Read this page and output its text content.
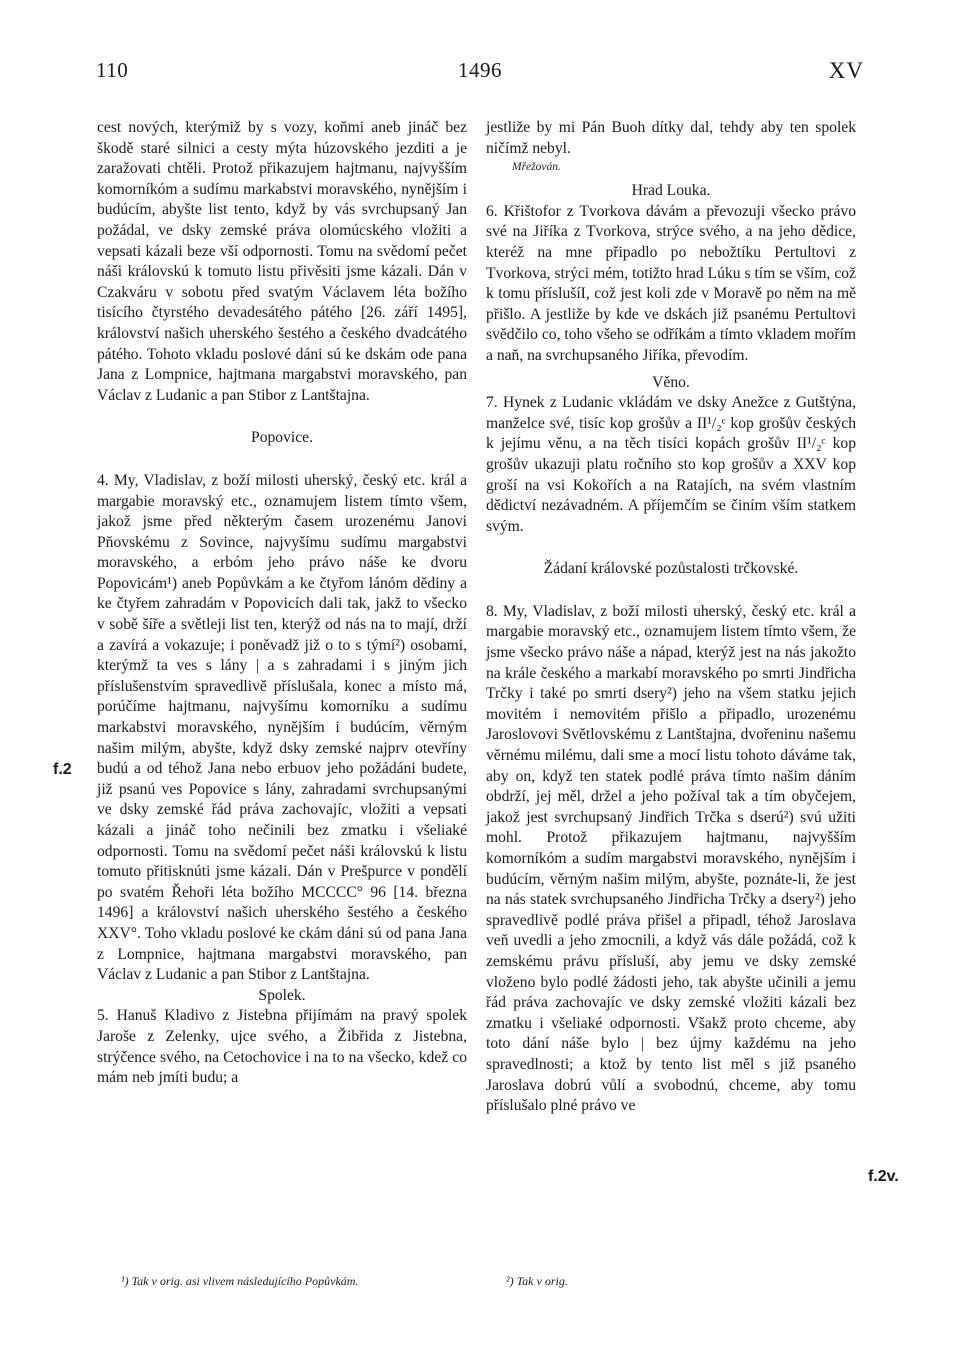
110	1496	XV

cest nových, kterýmiž by s vozy, koňmi aneb jináč bez škodě staré silnici a cesty mýta húzovského jezditi a je zaražovati chtěli. Protož přikazujem hajtmanu, najvyšším komorníkóm a sudímu markabstvi moravského, nynějším i budúcím, abyšte list tento, když by vás svrchupsaný Jan požádal, ve dsky zemské práva olomúcského vložiti a vepsati kázali beze vší odpornosti. Tomu na svědomí pečet náši královskú k tomuto listu přivěsiti jsme kázali. Dán v Czakváru v sobotu před svatým Václavem léta božího tisícího čtyrstého devadesátého pátého [26. září 1495], království našich uherského šestého a českého dvadcátého pátého. Tohoto vkladu poslové dáni sú ke dskám ode pana Jana z Lompnice, hajtmana margabstvi moravského, pan Václav z Ludanic a pan Stibor z Lantštajna.

Popovice.

4. My, Vladislav, z boží milosti uherský, český etc. král a margabie moravský etc., oznamujem listem tímto všem, jakož jsme před některým časem urozenému Janovi Pňovskému z Sovince, najvyšímu sudímu margabstvi moravského, a erbóm jeho právo náše ke dvoru Popovicám¹) aneb Popůvkám a ke čtyřom lánóm dědiny a ke čtyřem zahradám v Popovicích dali tak, jakž to všecko v sobě šíře a světleji list ten, kterýž od nás na to mají, drží a zavírá a vokazuje; i poněvadž již o to s týmí²) osobami, kterýmž ta ves s lány | a s zahradami i s jiným jich příslušenstvím spravedlivě příslušala, konec a místo má, porúčíme hajtmanu, najvyšímu komorníku a sudímu markabstvi moravského, nynějším i budúcím, věrným našim milým, abyšte, když dsky zemské najprv otevříny budú a od téhož Jana nebo erbuov jeho požádáni budete, již psanú ves Popovice s lány, zahradami svrchupsanými ve dsky zemské řád práva zachovajíc, vložiti a vepsati kázali a jináč toho nečinili bez zmatku i všeliaké odpornosti. Tomu na svědomí pečet náši královskú k listu tomuto přitisknúti jsme kázali. Dán v Prešpurce v pondělí po svatém Řehoři léta božího MCCCC° 96 [14. března 1496] a království našich uherského šestého a českého XXV°. Toho vkladu poslové ke ckám dáni sú od pana Jana z Lompnice, hajtmana margabstvi moravského, pan Václav z Ludanic a pan Stibor z Lantštajna.

Spolek.

5. Hanuš Kladivo z Jistebna přijímám na pravý spolek Jaroše z Zelenky, ujce svého, a Žibřida z Jistebna, strýčence svého, na Cetochovice i na to na všecko, kdež co mám neb jmíti budu; a

jestliže by mi Pán Buoh dítky dal, tehdy aby ten spolek ničímž nebyl.

Mřežován.

Hrad Louka.

6. Křištofor z Tvorkova dávám a převozuji všecko právo své na Jiříka z Tvorkova, strýce svého, a na jeho dědice, kteréž na mne připadlo po nebožtíku Pertultovi z Tvorkova, strýci mém, totižto hrad Lúku s tím se vším, což k tomu příslušíI, což jest koli zde v Moravě po něm na mě přišlo. A jestliže by kde ve dskách již psanému Pertultovi svědčilo co, toho všeho se odříkám a tímto vkladem mořím a naň, na svrchupsaného Jiříka, převodím.

Věno.

7. Hynek z Ludanic vkládám ve dsky Anežce z Gutštýna, manželce své, tisíc kop grošův a II¹/₂ᶜ kop grošův českých k jejímu věnu, a na těch tisíci kopách grošův II¹/₂ᶜ kop grošův ukazuji platu ročního sto kop grošův a XXV kop groší na vsi Kokořích a na Ratajích, na svém vlastním dědictví nezávadném. A příjemčím se činím vším statkem svým.

Žádaní královské pozůstalosti trčkovské.

8. My, Vladislav, z boží milosti uherský, český etc. král a margabie moravský etc., oznamujem listem tímto všem, že jsme všecko právo náše a nápad, kterýž jest na nás jakožto na krále českého a markabí moravského po smrti Jindřicha Trčky i také po smrti dsery²) jeho na všem statku jejich movitém i nemovitém přišlo a připadlo, urozenému Jaroslovovi Světlovskému z Lantštajna, dvořeninu našemu věrnému milému, dali sme a mocí listu tohoto dáváme tak, aby on, když ten statek podlé práva tímto našim dáním obdrží, jej měl, držel a jeho požíval tak a tím obyčejem, jakož jest svrchupsaný Jindřich Trčka s dserú²) svú užiti mohl. Protož přikazujem hajtmanu, najvyšším komorníkóm a sudím margabstvi moravského, nynějším i budúcím, věrným našim milým, abyšte, poznáte-li, že jest na nás statek svrchupsaného Jindřicha Trčky a dsery²) jeho spravedlivě podlé práva přišel a připadl, téhož Jaroslava veň uvedli a jeho zmocnili, a když vás dále požádá, což k zemskému právu přísluší, aby jemu ve dsky zemské vloženo bylo podlé žádosti jeho, tak abyšte učinili a jemu řád práva zachovajíc ve dsky zemské vložiti kázali bez zmatku i všeliaké odpornosti. Všakž proto chceme, aby toto dání náše bylo | bez újmy každému na jeho spravedlnosti; a ktož by tento list měl s již psaného Jaroslava dobrú vůlí a svobodnú, chceme, aby tomu příslušalo plné právo ve

f.2
f.2v.
¹) Tak v orig. asi vlivem následujícího Popůvkám.	²) Tak v orig.
